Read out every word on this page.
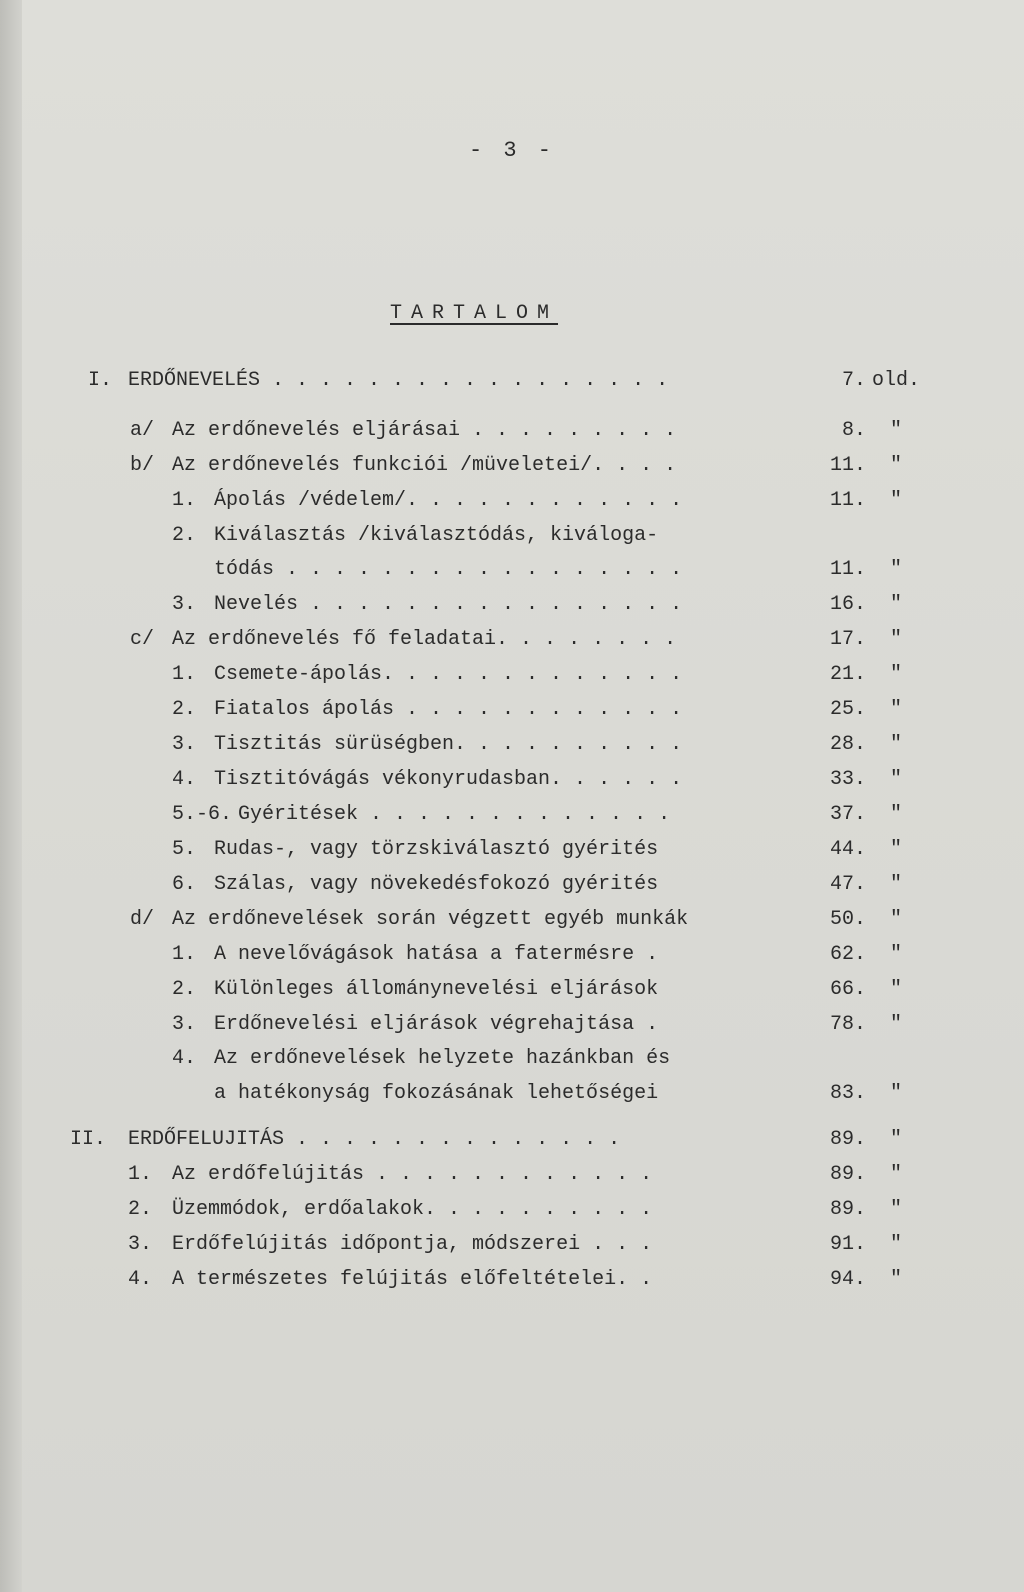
- 3 -
TARTALOM
I. ERDŐNEVELÉS . . . . . . . . . . . . . . . . .	7. old.
a/ Az erdőnevelés eljárásai . . . . . . . . .	8. "
b/ Az erdőnevelés funkciói /müveletei/. . . .	11. "
1. Ápolás /védelem/. . . . . . . . . . . .	11. "
2. Kiválasztás /kiválasztódás, kiváloga-
tódás . . . . . . . . . . . . . . . . .	11. "
3. Nevelés . . . . . . . . . . . . . . . .	16. "
c/ Az erdőnevelés fő feladatai. . . . . . . .	17. "
1. Csemete-ápolás. . . . . . . . . . . . .	21. "
2. Fiatalos ápolás . . . . . . . . . . . .	25. "
3. Tisztitás sürüségben. . . . . . . . . .	28. "
4. Tisztitóvágás vékonyrudasban. . . . . .	33. "
5.-6. Gyéritések . . . . . . . . . . . . .	37. "
5. Rudas-, vagy törzskiválasztó gyérités	44. "
6. Szálas, vagy növekedésfokozó gyérités	47. "
d/ Az erdőnevelések során végzett egyéb munkák	50. "
1. A nevelővágások hatása a fatermésre .	62. "
2. Különleges állománynevelési eljárások	66. "
3. Erdőnevelési eljárások végrehajtása .	78. "
4. Az erdőnevelések helyzete hazánkban és
a hatékonyság fokozásának lehetőségei	83. "
II. ERDŐFELUJITÁS . . . . . . . . . . . . . .	89. "
1. Az erdőfelújitás . . . . . . . . . . . .	89. "
2. Üzemmódok, erdőalakok. . . . . . . . . .	89. "
3. Erdőfelújitás időpontja, módszerei . . .	91. "
4. A természetes felújitás előfeltételei. .	94. "
